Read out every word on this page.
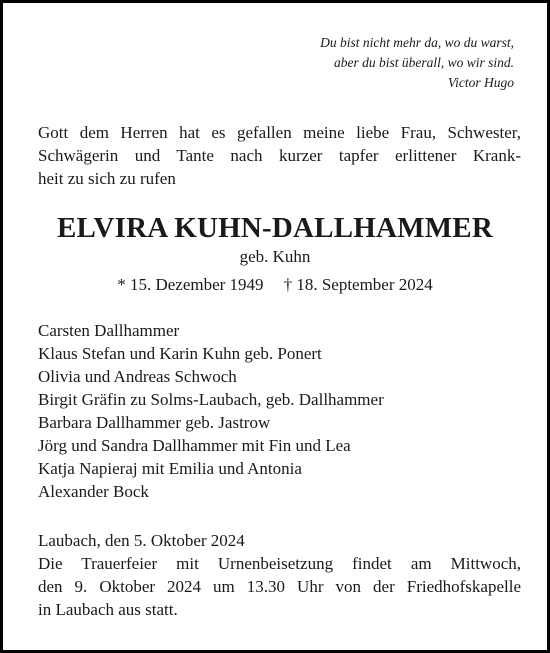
Du bist nicht mehr da, wo du warst,
aber du bist überall, wo wir sind.
Victor Hugo
Gott dem Herren hat es gefallen meine liebe Frau, Schwester,
Schwägerin und Tante nach kurzer tapfer erlittener Krank-
heit zu sich zu rufen
ELVIRA KUHN-DALLHAMMER
geb. Kuhn
* 15. Dezember 1949 † 18. September 2024
Carsten Dallhammer
Klaus Stefan und Karin Kuhn geb. Ponert
Olivia und Andreas Schwoch
Birgit Gräfin zu Solms-Laubach, geb. Dallhammer
Barbara Dallhammer geb. Jastrow
Jörg und Sandra Dallhammer mit Fin und Lea
Katja Napieraj mit Emilia und Antonia
Alexander Bock
Laubach, den 5. Oktober 2024
Die Trauerfeier mit Urnenbeisetzung findet am Mittwoch,
den 9. Oktober 2024 um 13.30 Uhr von der Friedhofskapelle
in Laubach aus statt.
